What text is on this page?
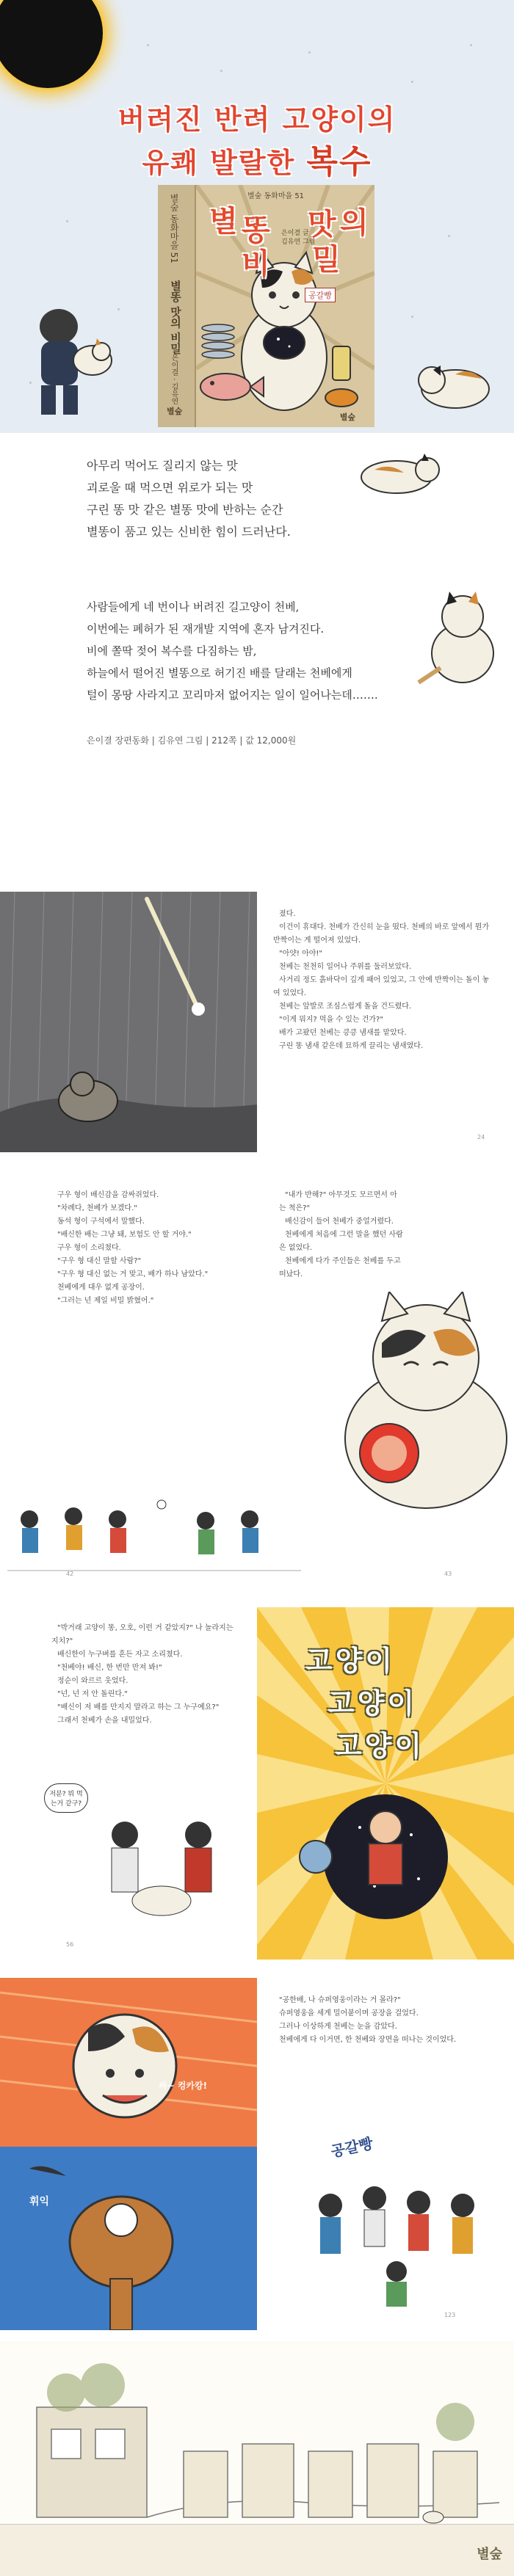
버려진 반려 고양이의
유쾌 발랄한 복수
별숲 동화마을 51
별똥 맛의 비밀
은이결 · 김유연
별숲
별숲 동화마을 51
별 똥 맛 의
비 밀
은이결 글
김유연 그림
공갈빵
별숲
아무리 먹어도 질리지 않는 맛
괴로울 때 먹으면 위로가 되는 맛
구린 똥 맛 같은 별똥 맛에 반하는 순간
별똥이 품고 있는 신비한 힘이 드러난다.
사람들에게 네 번이나 버려진 길고양이 천베,
이번에는 폐허가 된 재개발 지역에 혼자 남겨진다.
비에 쫄딱 젖어 복수를 다짐하는 밤,
하늘에서 떨어진 별똥으로 허기진 배를 달래는 천베에게
털이 몽땅 사라지고 꼬리마저 없어지는 일이 일어나는데…….
은이결 장편동화 | 김유연 그림 | 212쪽 | 값 12,000원

졌다.

이건이 휴대다. 천베가 간신히 눈을 떴다. 천베의 바로 앞에서 뭔가 반짝이는 게 떨어져 있었다.

"아얏! 아야!"

천베는 천천히 일어나 주위를 둘러보았다.

사거리 정도 흙바닥이 깊게 패어 있었고, 그 안에 반짝이는 돌이 놓여 있었다.

천베는 앞발로 조심스럽게 돌을 건드렸다.

"이게 뭐지? 먹을 수 있는 건가?"

배가 고팠던 천베는 킁킁 냄새를 맡았다.

구린 똥 냄새 같은데 묘하게 끌리는 냄새였다.

24

구우 형이 배신감을 감싸쥐었다.

"차례다, 천베가 보겠다."

동석 형이 구석에서 말했다.

"배신한 배는 그냥 돼, 보험도 안 할 거야."

구우 형이 소리쳤다.

"구우 형 대신 말할 사람?"

"구우 형 대신 없는 거 맞고, 배가 하나 남았다."

천베에게 대우 없게 공장이.

"그러는 넌 제일 비밀 밝혔어."

"내가 반해?" 아무것도 모르면서 아는 척은?"

배신감이 들어 천베가 중얼거렸다.

천베에게 처음에 그런 말을 했던 사람은 없었다.

천베에게 다가 주인들은 천베를 두고 떠났다.

42	43

"박거래 고양이 똥, 오호, 이런 거 같았지?" 나 놀라지는 지치?"

배신한이 누구벼를 흔든 자고 소리쳤다.

"천베야! 배신, 한 번만 만져 봐!"

정순이 와르르 웃었다.

"넌, 넌 저 안 돌린다."

"배신이 저 배를 만지지 말라고 하는 그 누구예요?"

그래서 천베가 손을 내밀었다.

저분? 뭐 먹는거 같구?
56
고양이
고양이
고양이
싸~ 컹카캉!
휘익

"공한배, 나 슈퍼영웅이라는 거 몰라?"

슈퍼영웅을 세게 밀어붙이며 공장을 걸었다.

그러나 이상하게 천베는 눈을 감았다.

천베에게 다 이거면, 한 천베와 장면을 떠나는 것이었다.

공갈빵
123
별숲
